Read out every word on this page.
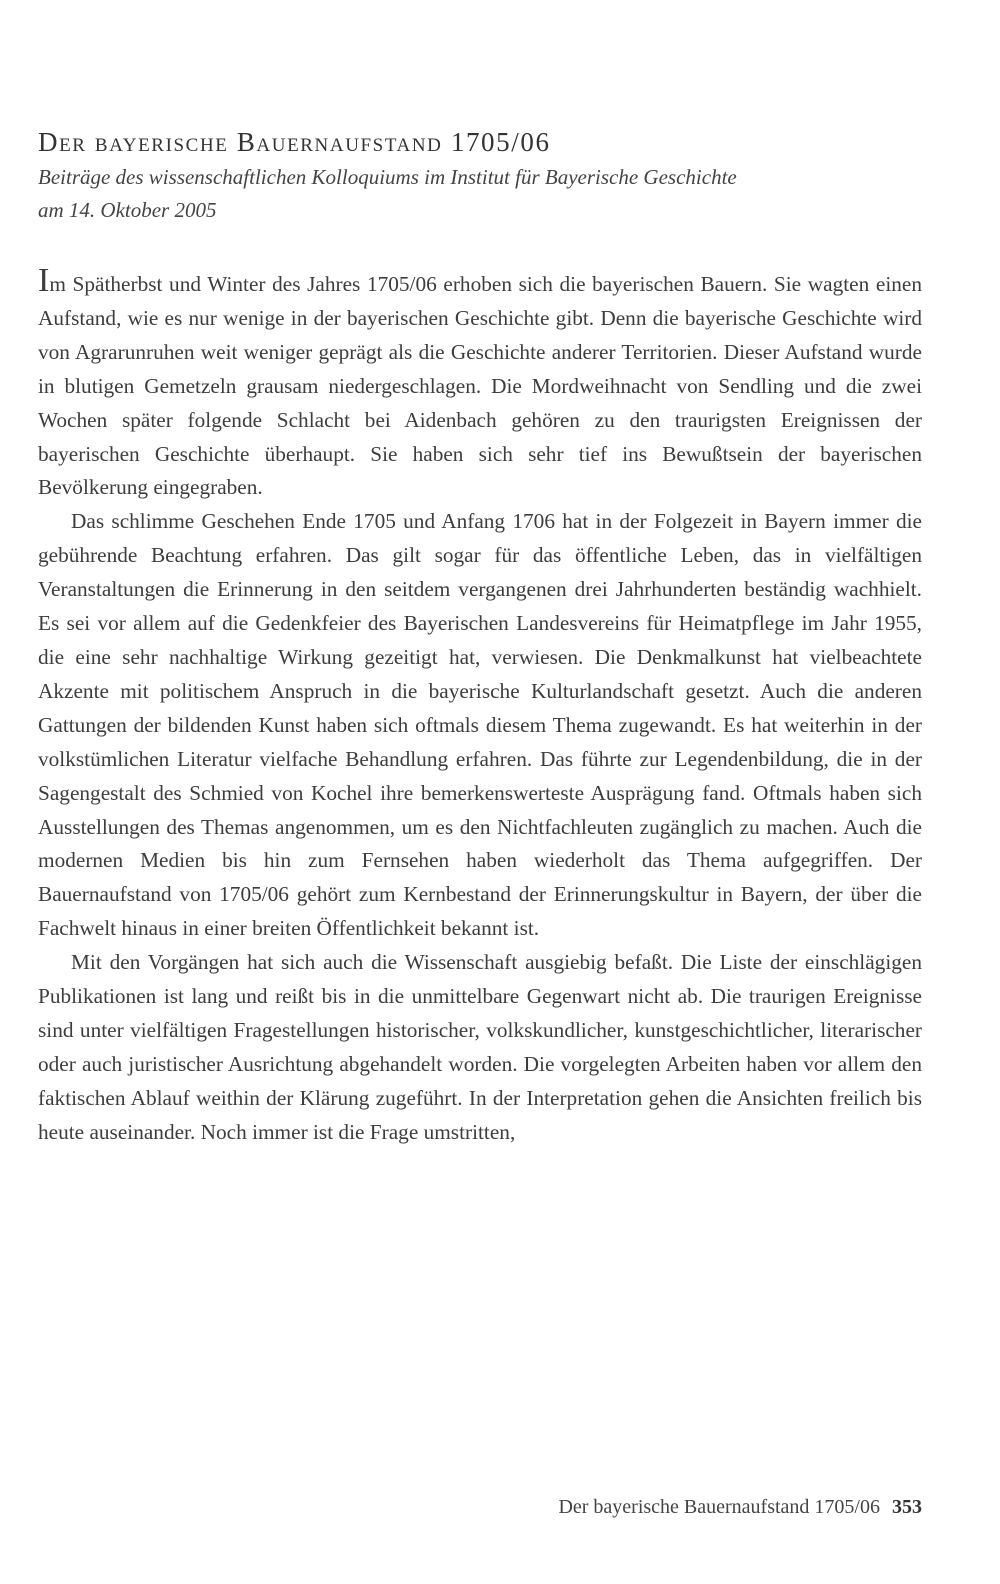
Der bayerische Bauernaufstand 1705/06
Beiträge des wissenschaftlichen Kolloquiums im Institut für Bayerische Geschichte
am 14. Oktober 2005

Im Spätherbst und Winter des Jahres 1705/06 erhoben sich die bayerischen Bauern. Sie wagten einen Aufstand, wie es nur wenige in der bayerischen Geschichte gibt. Denn die bayerische Geschichte wird von Agrarunruhen weit weniger geprägt als die Geschichte anderer Territorien. Dieser Aufstand wurde in blutigen Gemetzeln grausam niedergeschlagen. Die Mordweihnacht von Sendling und die zwei Wochen später folgende Schlacht bei Aidenbach gehören zu den traurigsten Ereignissen der bayerischen Geschichte überhaupt. Sie haben sich sehr tief ins Bewußtsein der bayerischen Bevölkerung eingegraben.

Das schlimme Geschehen Ende 1705 und Anfang 1706 hat in der Folgezeit in Bayern immer die gebührende Beachtung erfahren. Das gilt sogar für das öffentliche Leben, das in vielfältigen Veranstaltungen die Erinnerung in den seitdem vergangenen drei Jahrhunderten beständig wachhielt. Es sei vor allem auf die Gedenkfeier des Bayerischen Landesvereins für Heimatpflege im Jahr 1955, die eine sehr nachhaltige Wirkung gezeitigt hat, verwiesen. Die Denkmalkunst hat vielbeachtete Akzente mit politischem Anspruch in die bayerische Kulturlandschaft gesetzt. Auch die anderen Gattungen der bildenden Kunst haben sich oftmals diesem Thema zugewandt. Es hat weiterhin in der volkstümlichen Literatur vielfache Behandlung erfahren. Das führte zur Legendenbildung, die in der Sagengestalt des Schmied von Kochel ihre bemerkenswerteste Ausprägung fand. Oftmals haben sich Ausstellungen des Themas angenommen, um es den Nichtfachleuten zugänglich zu machen. Auch die modernen Medien bis hin zum Fernsehen haben wiederholt das Thema aufgegriffen. Der Bauernaufstand von 1705/06 gehört zum Kernbestand der Erinnerungskultur in Bayern, der über die Fachwelt hinaus in einer breiten Öffentlichkeit bekannt ist.

Mit den Vorgängen hat sich auch die Wissenschaft ausgiebig befaßt. Die Liste der einschlägigen Publikationen ist lang und reißt bis in die unmittelbare Gegenwart nicht ab. Die traurigen Ereignisse sind unter vielfältigen Fragestellungen historischer, volkskundlicher, kunstgeschichtlicher, literarischer oder auch juristischer Ausrichtung abgehandelt worden. Die vorgelegten Arbeiten haben vor allem den faktischen Ablauf weithin der Klärung zugeführt. In der Interpretation gehen die Ansichten freilich bis heute auseinander. Noch immer ist die Frage umstritten,

Der bayerische Bauernaufstand 1705/06 353
